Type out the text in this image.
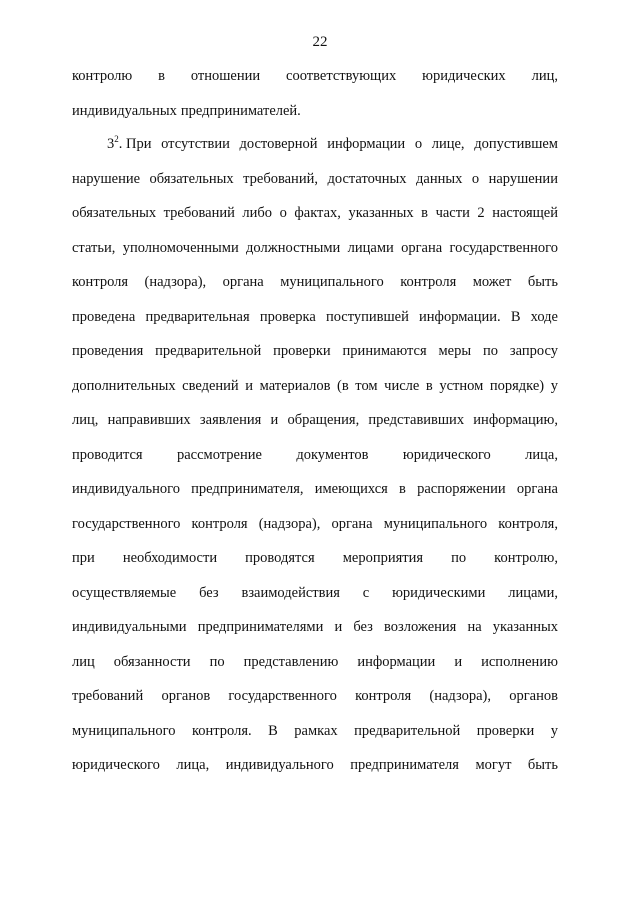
22
контролю в отношении соответствующих юридических лиц,
индивидуальных предпринимателей.
$3^2$. При отсутствии достоверной информации о лице, допустившем
нарушение обязательных требований, достаточных данных о нарушении
обязательных требований либо о фактах, указанных в части 2 настоящей
статьи, уполномоченными должностными лицами органа государственного
контроля (надзора), органа муниципального контроля может быть
проведена предварительная проверка поступившей информации. В ходе
проведения предварительной проверки принимаются меры по запросу
дополнительных сведений и материалов (в том числе в устном порядке) у
лиц, направивших заявления и обращения, представивших информацию,
проводится рассмотрение документов юридического лица,
индивидуального предпринимателя, имеющихся в распоряжении органа
государственного контроля (надзора), органа муниципального контроля,
при необходимости проводятся мероприятия по контролю,
осуществляемые без взаимодействия с юридическими лицами,
индивидуальными предпринимателями и без возложения на указанных
лиц обязанности по представлению информации и исполнению
требований органов государственного контроля (надзора), органов
муниципального контроля. В рамках предварительной проверки у
юридического лица, индивидуального предпринимателя могут быть
